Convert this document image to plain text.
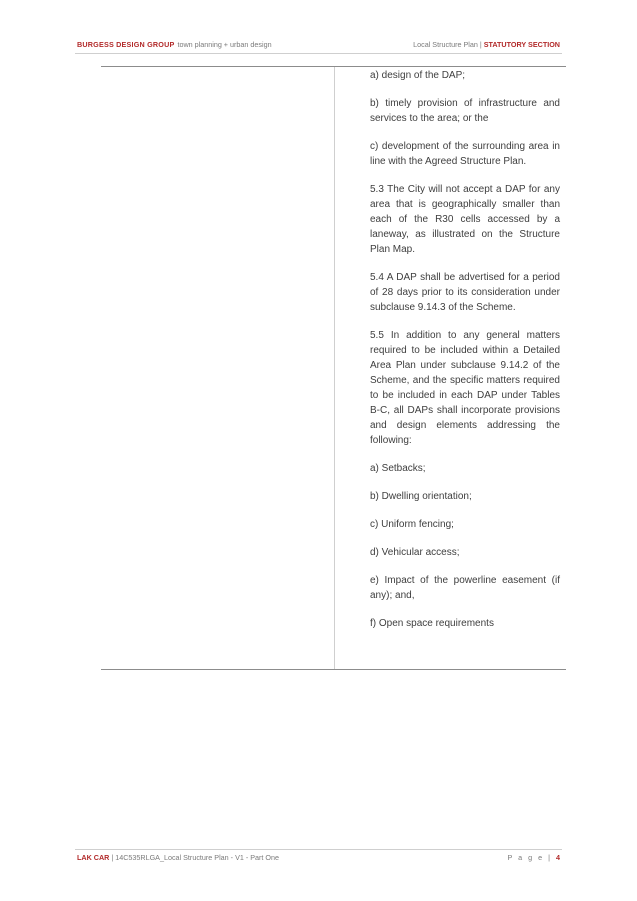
BURGESS DESIGN GROUP town planning + urban design	Local Structure Plan | STATUTORY SECTION

a) design of the DAP;

b) timely provision of infrastructure and services to the area; or the

c) development of the surrounding area in line with the Agreed Structure Plan.

5.3 The City will not accept a DAP for any area that is geographically smaller than each of the R30 cells accessed by a laneway, as illustrated on the Structure Plan Map.

5.4 A DAP shall be advertised for a period of 28 days prior to its consideration under subclause 9.14.3 of the Scheme.

5.5 In addition to any general matters required to be included within a Detailed Area Plan under subclause 9.14.2 of the Scheme, and the specific matters required to be included in each DAP under Tables B-C, all DAPs shall incorporate provisions and design elements addressing the following:

a) Setbacks;

b) Dwelling orientation;

c) Uniform fencing;

d) Vehicular access;

e) Impact of the powerline easement (if any); and,

f) Open space requirements

LAK CAR | 14C535RLGA_Local Structure Plan - V1 - Part One	P a g e | 4
